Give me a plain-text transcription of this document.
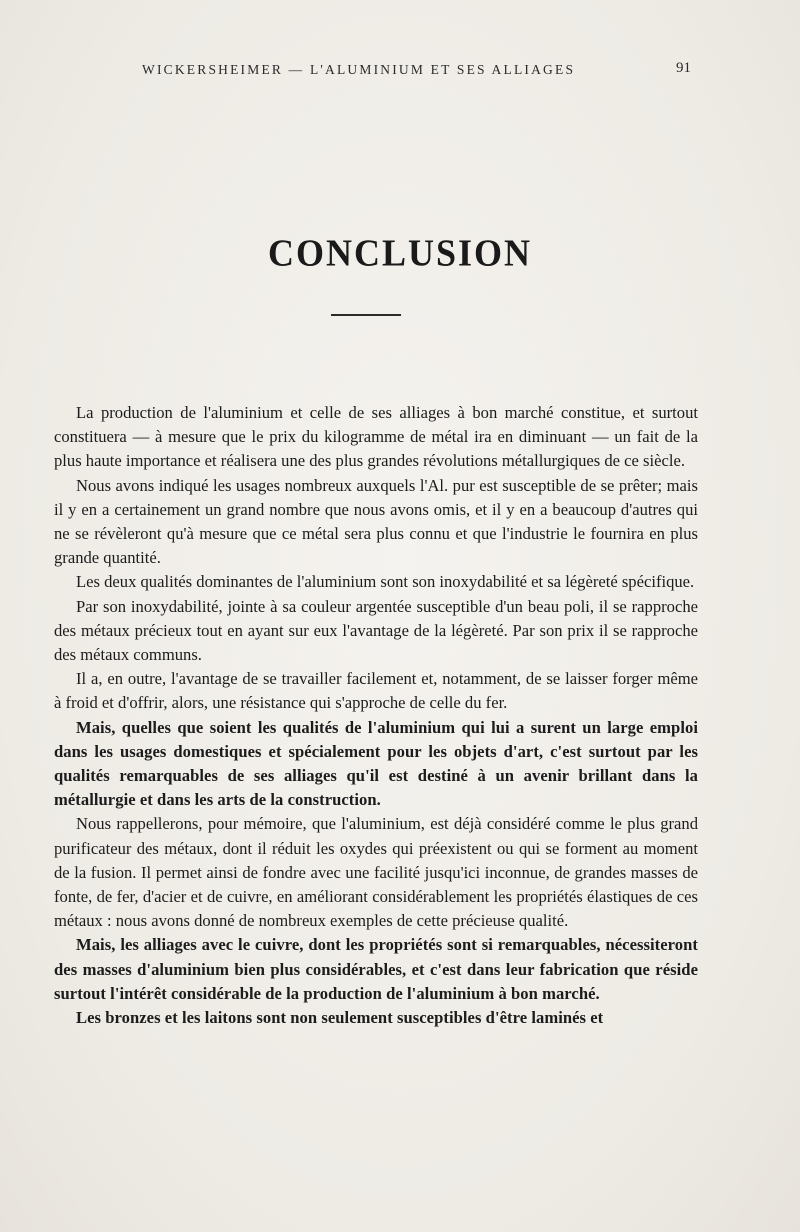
WICKERSHEIMER — L'ALUMINIUM ET SES ALLIAGES	91
CONCLUSION

La production de l'aluminium et celle de ses alliages à bon marché constitue, et surtout constituera — à mesure que le prix du kilogramme de métal ira en diminuant — un fait de la plus haute importance et réalisera une des plus grandes révolutions métallurgiques de ce siècle.

Nous avons indiqué les usages nombreux auxquels l'Al. pur est susceptible de se prêter; mais il y en a certainement un grand nombre que nous avons omis, et il y en a beaucoup d'autres qui ne se révèleront qu'à mesure que ce métal sera plus connu et que l'industrie le fournira en plus grande quantité.

Les deux qualités dominantes de l'aluminium sont son inoxydabilité et sa légèreté spécifique.

Par son inoxydabilité, jointe à sa couleur argentée susceptible d'un beau poli, il se rapproche des métaux précieux tout en ayant sur eux l'avantage de la légèreté. Par son prix il se rapproche des métaux communs.

Il a, en outre, l'avantage de se travailler facilement et, notamment, de se laisser forger même à froid et d'offrir, alors, une résistance qui s'approche de celle du fer.

Mais, quelles que soient les qualités de l'aluminium qui lui a surent un large emploi dans les usages domestiques et spécialement pour les objets d'art, c'est surtout par les qualités remarquables de ses alliages qu'il est destiné à un avenir brillant dans la métallurgie et dans les arts de la construction.

Nous rappellerons, pour mémoire, que l'aluminium, est déjà considéré comme le plus grand purificateur des métaux, dont il réduit les oxydes qui préexistent ou qui se forment au moment de la fusion. Il permet ainsi de fondre avec une facilité jusqu'ici inconnue, de grandes masses de fonte, de fer, d'acier et de cuivre, en améliorant considérablement les propriétés élastiques de ces métaux : nous avons donné de nombreux exemples de cette précieuse qualité.

Mais, les alliages avec le cuivre, dont les propriétés sont si remarquables, nécessiteront des masses d'aluminium bien plus considérables, et c'est dans leur fabrication que réside surtout l'intérêt considérable de la production de l'aluminium à bon marché.

Les bronzes et les laitons sont non seulement susceptibles d'être laminés et
